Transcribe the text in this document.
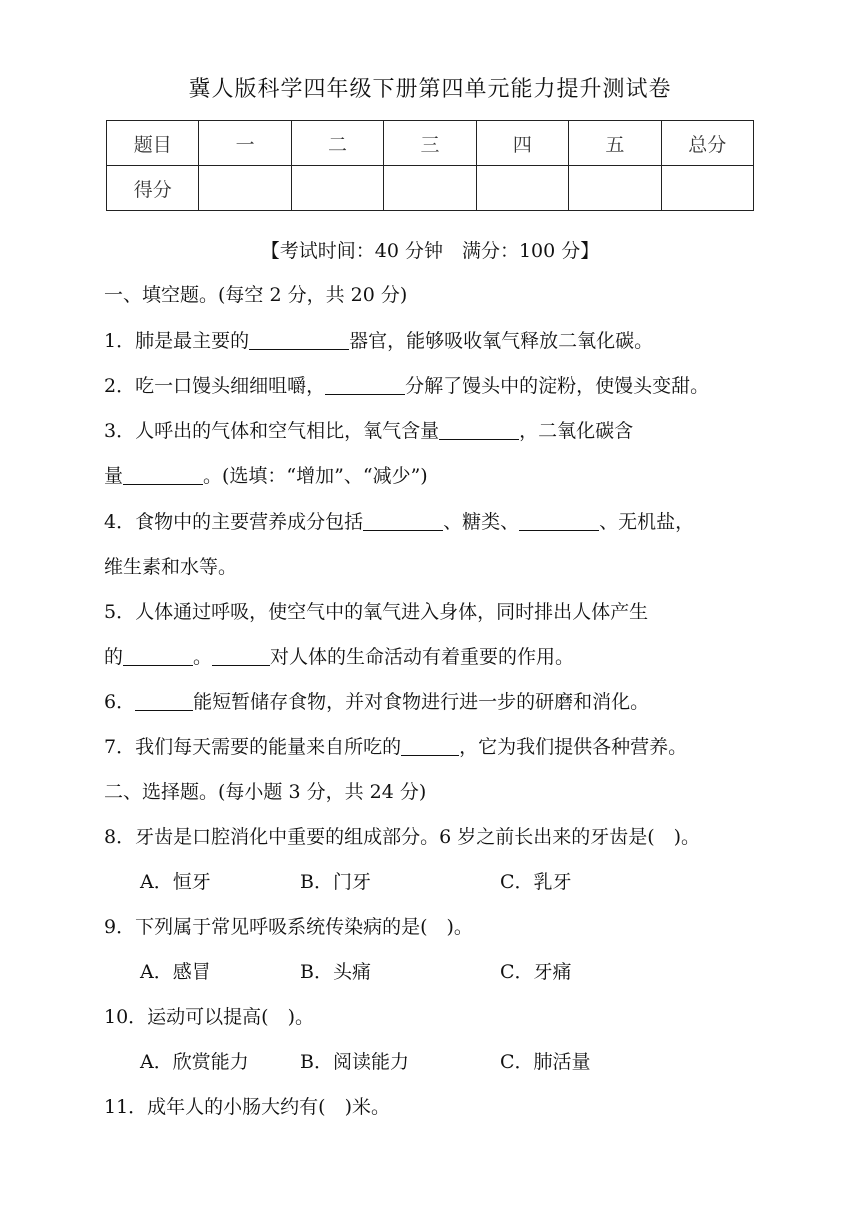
冀人版科学四年级下册第四单元能力提升测试卷
题目	一	二	三	四	五	总分
得分						
【考试时间：40 分钟　满分：100 分】
一、填空题。(每空 2 分，共 20 分)
1．肺是最主要的	器官，能够吸收氧气释放二氧化碳。
2．吃一口馒头细细咀嚼，	分解了馒头中的淀粉，使馒头变甜。
3．人呼出的气体和空气相比，氧气含量	，二氧化碳含
量	。(选填：“增加”、“减少”)
4．食物中的主要营养成分包括	、糖类、	、无机盐，
维生素和水等。
5．人体通过呼吸，使空气中的氧气进入身体，同时排出人体产生
的	。	对人体的生命活动有着重要的作用。
6．	能短暂储存食物，并对食物进行进一步的研磨和消化。
7．我们每天需要的能量来自所吃的	，它为我们提供各种营养。
二、选择题。(每小题 3 分，共 24 分)
8．牙齿是口腔消化中重要的组成部分。6 岁之前长出来的牙齿是(　)。
A．恒牙	B．门牙	C．乳牙
9．下列属于常见呼吸系统传染病的是(　)。
A．感冒	B．头痛	C．牙痛
10．运动可以提高(　)。
A．欣赏能力	B．阅读能力	C．肺活量
11．成年人的小肠大约有(　)米。
